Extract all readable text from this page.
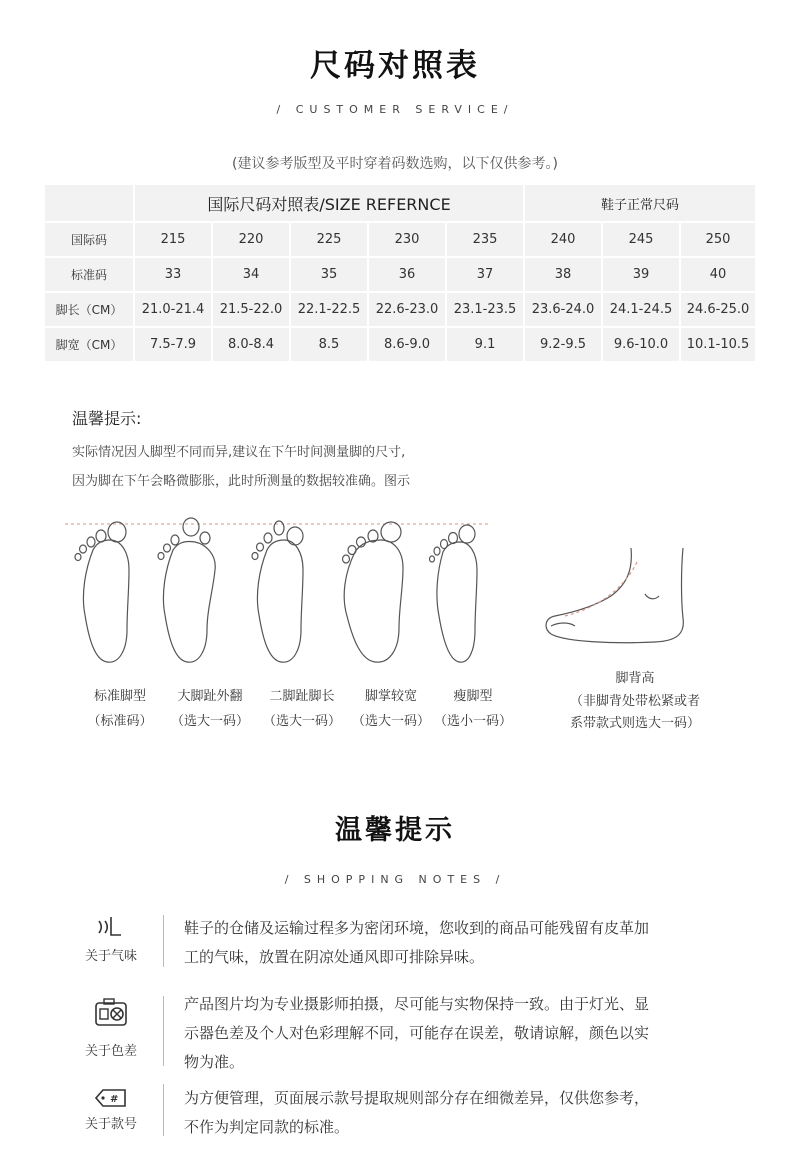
尺码对照表
/ CUSTOMER SERVICE/
(建议参考版型及平时穿着码数选购，以下仅供参考。)
	国际尺码对照表/SIZE REFERNCE					鞋子正常尺码		
国际码	215	220	225	230	235	240	245	250
标准码	33	34	35	36	37	38	39	40
脚长（CM）	21.0-21.4	21.5-22.0	22.1-22.5	22.6-23.0	23.1-23.5	23.6-24.0	24.1-24.5	24.6-25.0
脚宽（CM）	7.5-7.9	8.0-8.4	8.5	8.6-9.0	9.1	9.2-9.5	9.6-10.0	10.1-10.5
温馨提示:
实际情况因人脚型不同而异,建议在下午时间测量脚的尺寸,
因为脚在下午会略微膨胀，此时所测量的数据较准确。图示
标准脚型
（标准码）
大脚趾外翻
（选大一码）
二脚趾脚长
（选大一码）
脚掌较宽
（选大一码）
瘦脚型
（选小一码）
脚背高
（非脚背处带松紧或者
系带款式则选大一码）
温馨提示
/ SHOPPING NOTES /
关于气味
鞋子的仓储及运输过程多为密闭环境，您收到的商品可能残留有皮革加
工的气味，放置在阴凉处通风即可排除异味。
关于色差
产品图片均为专业摄影师拍摄，尽可能与实物保持一致。由于灯光、显
示器色差及个人对色彩理解不同，可能存在误差，敬请谅解，颜色以实
物为准。
#
关于款号
为方便管理，页面展示款号提取规则部分存在细微差异，仅供您参考，
不作为判定同款的标准。
